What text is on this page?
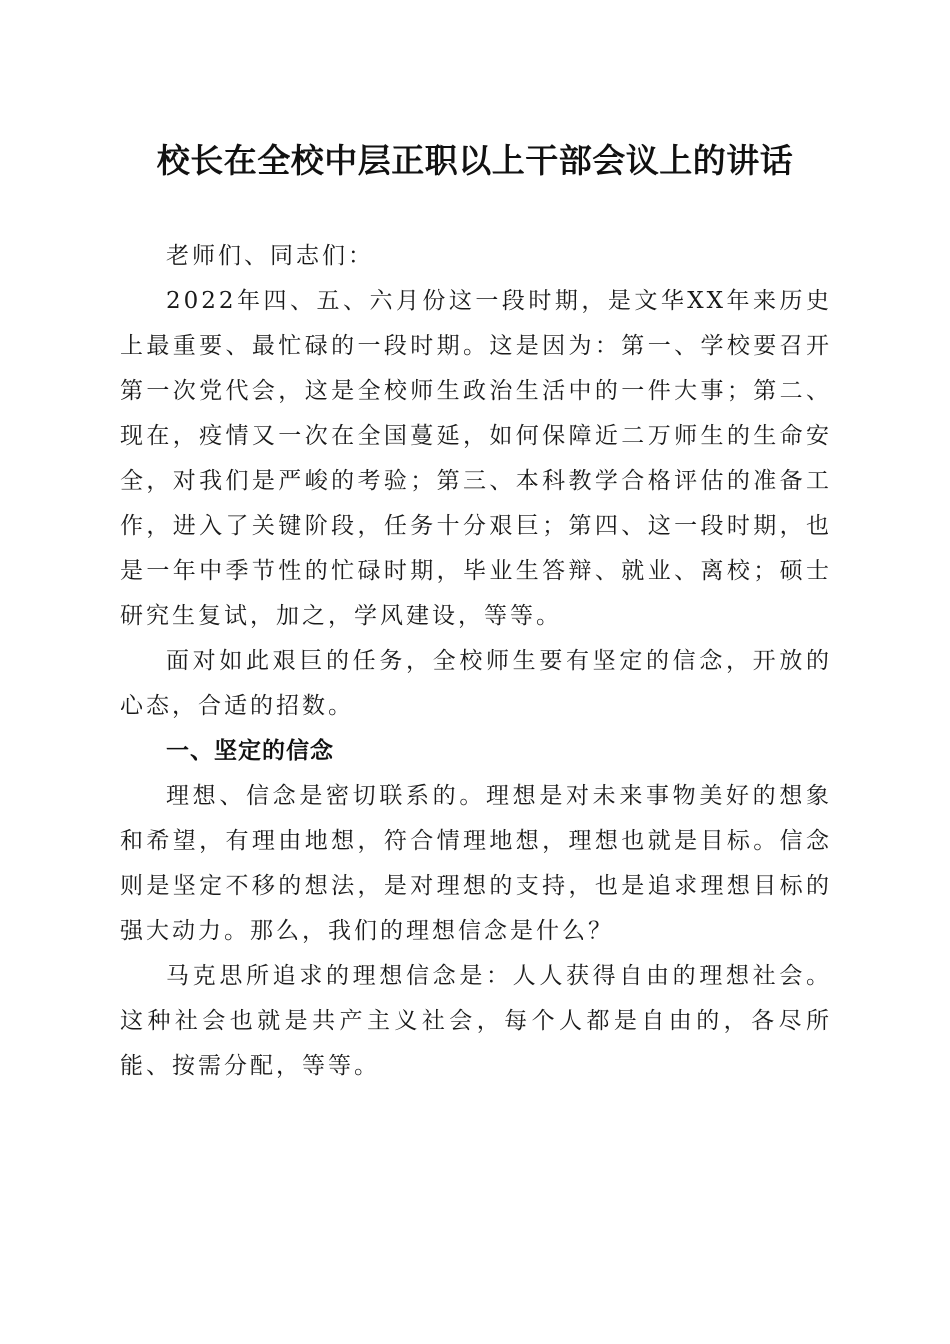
校长在全校中层正职以上干部会议上的讲话

老师们、同志们：

2022年四、五、六月份这一段时期，是文华XX年来历史上最重要、最忙碌的一段时期。这是因为：第一、学校要召开第一次党代会，这是全校师生政治生活中的一件大事；第二、现在，疫情又一次在全国蔓延，如何保障近二万师生的生命安全，对我们是严峻的考验；第三、本科教学合格评估的准备工作，进入了关键阶段，任务十分艰巨；第四、这一段时期，也是一年中季节性的忙碌时期，毕业生答辩、就业、离校；硕士研究生复试，加之，学风建设，等等。

面对如此艰巨的任务，全校师生要有坚定的信念，开放的心态，合适的招数。

一、坚定的信念

理想、信念是密切联系的。理想是对未来事物美好的想象和希望，有理由地想，符合情理地想，理想也就是目标。信念则是坚定不移的想法，是对理想的支持，也是追求理想目标的强大动力。那么，我们的理想信念是什么？

马克思所追求的理想信念是：人人获得自由的理想社会。这种社会也就是共产主义社会，每个人都是自由的，各尽所能、按需分配，等等。
